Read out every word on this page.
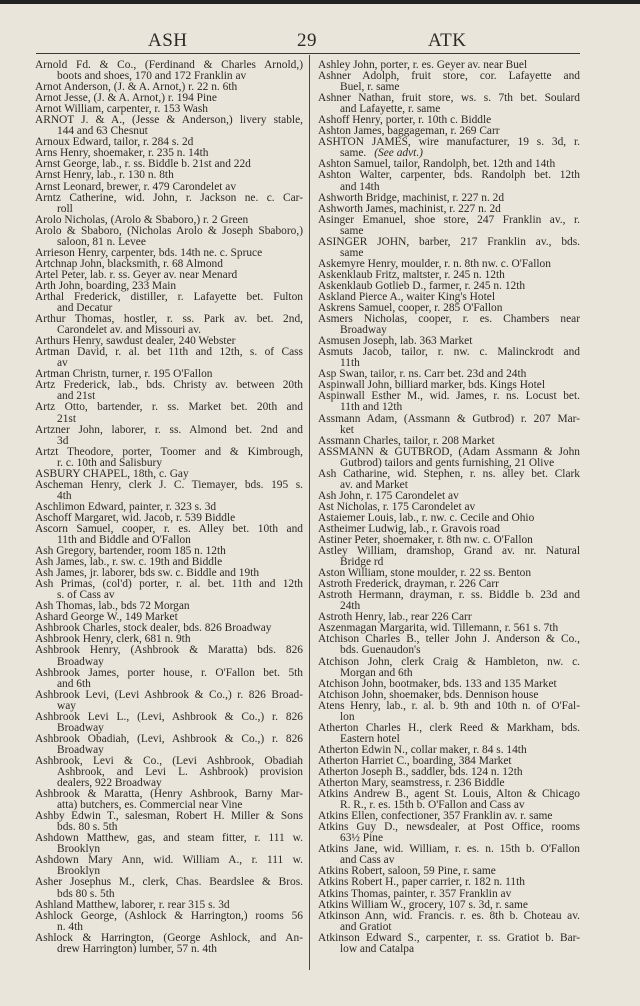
ASH	29	ATK
Arnold Fd. & Co., (Ferdinand & Charles Arnold,)
boots and shoes, 170 and 172 Franklin av
Arnot Anderson, (J. & A. Arnot,) r. 22 n. 6th
Arnot Jesse, (J. & A. Arnot,) r. 194 Pine
Arnot William, carpenter, r. 153 Wash
ARNOT J. & A., (Jesse & Anderson,) livery stable,
144 and 63 Chesnut
Arnoux Edward, tailor, r. 284 s. 2d
Arns Henry, shoemaker, r. 235 n. 14th
Arnst George, lab., r. ss. Biddle b. 21st and 22d
Arnst Henry, lab., r. 130 n. 8th
Arnst Leonard, brewer, r. 479 Carondelet av
Arntz Catherine, wid. John, r. Jackson ne. c. Car-
roll
Arolo Nicholas, (Arolo & Sbaboro,) r. 2 Green
Arolo & Sbaboro, (Nicholas Arolo & Joseph Sbaboro,)
saloon, 81 n. Levee
Arrieson Henry, carpenter, bds. 14th ne. c. Spruce
Artchnap John, blacksmith, r. 68 Almond
Artel Peter, lab. r. ss. Geyer av. near Menard
Arth John, boarding, 233 Main
Arthal Frederick, distiller, r. Lafayette bet. Fulton
and Decatur
Arthur Thomas, hostler, r. ss. Park av. bet. 2nd,
Carondelet av. and Missouri av.
Arthurs Henry, sawdust dealer, 240 Webster
Artman David, r. al. bet 11th and 12th, s. of Cass
av
Artman Christn, turner, r. 195 O'Fallon
Artz Frederick, lab., bds. Christy av. between 20th
and 21st
Artz Otto, bartender, r. ss. Market bet. 20th and
21st
Artzner John, laborer, r. ss. Almond bet. 2nd and
3d
Artzt Theodore, porter, Toomer and & Kimbrough,
r. c. 10th and Salisbury
ASBURY CHAPEL, 18th, c. Gay
Ascheman Henry, clerk J. C. Tiemayer, bds. 195 s.
4th
Aschlimon Edward, painter, r. 323 s. 3d
Aschoff Margaret, wid. Jacob, r. 539 Biddle
Ascorn Samuel, cooper, r. es. Alley bet. 10th and
11th and Biddle and O'Fallon
Ash Gregory, bartender, room 185 n. 12th
Ash James, lab., r. sw. c. 19th and Biddle
Ash James, jr. laborer, bds sw. c. Biddle and 19th
Ash Primas, (col'd) porter, r. al. bet. 11th and 12th
s. of Cass av
Ash Thomas, lab., bds 72 Morgan
Ashard George W., 149 Market
Ashbrook Charles, stock dealer, bds. 826 Broadway
Ashbrook Henry, clerk, 681 n. 9th
Ashbrook Henry, (Ashbrook & Maratta) bds. 826
Broadway
Ashbrook James, porter house, r. O'Fallon bet. 5th
and 6th
Ashbrook Levi, (Levi Ashbrook & Co.,) r. 826 Broad-
way
Ashbrook Levi L., (Levi, Ashbrook & Co.,) r. 826
Broadway
Ashbrook Obadiah, (Levi, Ashbrook & Co.,) r. 826
Broadway
Ashbrook, Levi & Co., (Levi Ashbrook, Obadiah
Ashbrook, and Levi L. Ashbrook) provision
dealers, 922 Broadway
Ashbrook & Maratta, (Henry Ashbrook, Barny Mar-
atta) butchers, es. Commercial near Vine
Ashby Edwin T., salesman, Robert H. Miller & Sons
bds. 80 s. 5th
Ashdown Matthew, gas, and steam fitter, r. 111 w.
Brooklyn
Ashdown Mary Ann, wid. William A., r. 111 w.
Brooklyn
Asher Josephus M., clerk, Chas. Beardslee & Bros.
bds 80 s. 5th
Ashland Matthew, laborer, r. rear 315 s. 3d
Ashlock George, (Ashlock & Harrington,) rooms 56
n. 4th
Ashlock & Harrington, (George Ashlock, and An-
drew Harrington) lumber, 57 n. 4th
Ashley John, porter, r. es. Geyer av. near Buel
Ashner Adolph, fruit store, cor. Lafayette and
Buel, r. same
Ashner Nathan, fruit store, ws. s. 7th bet. Soulard
and Lafayette, r. same
Ashoff Henry, porter, r. 10th c. Biddle
Ashton James, baggageman, r. 269 Carr
ASHTON JAMES, wire manufacturer, 19 s. 3d, r.
same. (See advt.)
Ashton Samuel, tailor, Randolph, bet. 12th and 14th
Ashton Walter, carpenter, bds. Randolph bet. 12th
and 14th
Ashworth Bridge, machinist, r. 227 n. 2d
Ashworth James, machinist, r. 227 n. 2d
Asinger Emanuel, shoe store, 247 Franklin av., r.
same
ASINGER JOHN, barber, 217 Franklin av., bds.
same
Askemyre Henry, moulder, r. n. 8th nw. c. O'Fallon
Askenklaub Fritz, maltster, r. 245 n. 12th
Askenklaub Gotlieb D., farmer, r. 245 n. 12th
Askland Pierce A., waiter King's Hotel
Askrens Samuel, cooper, r. 285 O'Fallon
Asmers Nicholas, cooper, r. es. Chambers near
Broadway
Asmusen Joseph, lab. 363 Market
Asmuts Jacob, tailor, r. nw. c. Malinckrodt and
11th
Asp Swan, tailor, r. ns. Carr bet. 23d and 24th
Aspinwall John, billiard marker, bds. Kings Hotel
Aspinwall Esther M., wid. James, r. ns. Locust bet.
11th and 12th
Assmann Adam, (Assmann & Gutbrod) r. 207 Mar-
ket
Assmann Charles, tailor, r. 208 Market
ASSMANN & GUTBROD, (Adam Assmann & John
Gutbrod) tailors and gents furnishing, 21 Olive
Ash Catharine, wid. Stephen, r. ns. alley bet. Clark
av. and Market
Ash John, r. 175 Carondelet av
Ast Nicholas, r. 175 Carondelet av
Astaiemer Louis, lab., r. nw. c. Cecile and Ohio
Astheimer Ludwig, lab., r. Gravois road
Astiner Peter, shoemaker, r. 8th nw. c. O'Fallon
Astley William, dramshop, Grand av. nr. Natural
Bridge rd
Aston William, stone moulder, r. 22 ss. Benton
Astroth Frederick, drayman, r. 226 Carr
Astroth Hermann, drayman, r. ss. Biddle b. 23d and
24th
Astroth Henry, lab., rear 226 Carr
Aszenmagan Margarita, wid. Tillemann, r. 561 s. 7th
Atchison Charles B., teller John J. Anderson & Co.,
bds. Guenaudon's
Atchison John, clerk Craig & Hambleton, nw. c.
Morgan and 6th
Atchison John, bootmaker, bds. 133 and 135 Market
Atchison John, shoemaker, bds. Dennison house
Atens Henry, lab., r. al. b. 9th and 10th n. of O'Fal-
lon
Atherton Charles H., clerk Reed & Markham, bds.
Eastern hotel
Atherton Edwin N., collar maker, r. 84 s. 14th
Atherton Harriet C., boarding, 384 Market
Atherton Joseph B., saddler, bds. 124 n. 12th
Atherton Mary, seamstress, r. 236 Biddle
Atkins Andrew B., agent St. Louis, Alton & Chicago
R. R., r. es. 15th b. O'Fallon and Cass av
Atkins Ellen, confectioner, 357 Franklin av. r. same
Atkins Guy D., newsdealer, at Post Office, rooms
63½ Pine
Atkins Jane, wid. William, r. es. n. 15th b. O'Fallon
and Cass av
Atkins Robert, saloon, 59 Pine, r. same
Atkins Robert H., paper carrier, r. 182 n. 11th
Atkins Thomas, painter, r. 357 Franklin av
Atkins William W., grocery, 107 s. 3d, r. same
Atkinson Ann, wid. Francis. r. es. 8th b. Choteau av.
and Gratiot
Atkinson Edward S., carpenter, r. ss. Gratiot b. Bar-
low and Catalpa
